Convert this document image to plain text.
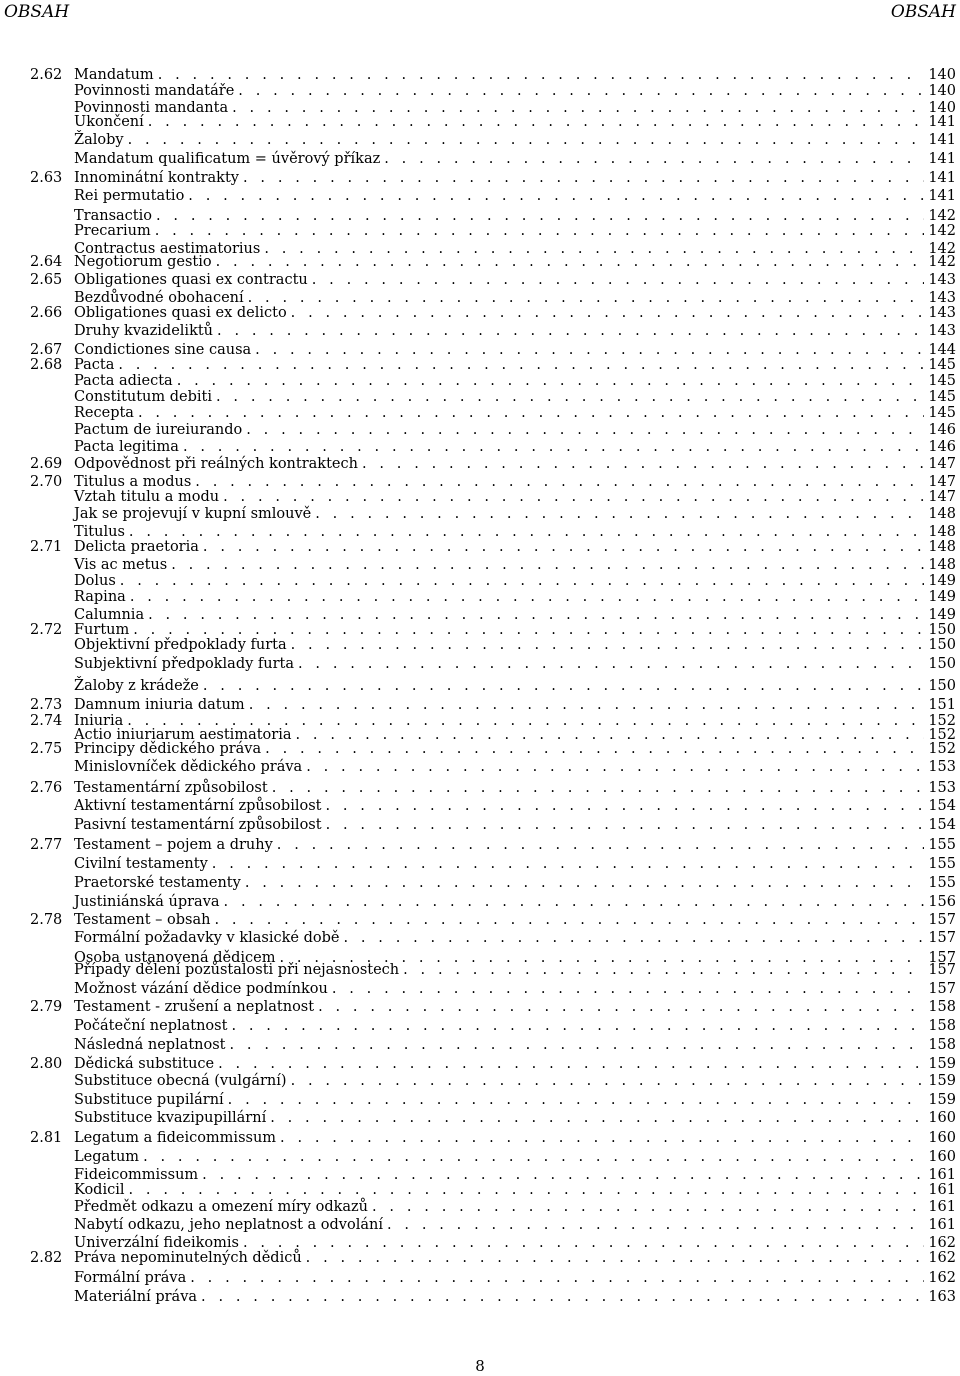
OBSAH	OBSAH
2.62 Mandatum . . .	140
Povinnosti mandatáře . . .	140
Povinnosti mandanta . . .	140
Ukončení . . .	141
Žaloby . . .	141
Mandatum qualificatum = úvěrový příkaz . . .	141
2.63 Innominátní kontrakty . . .	141
Rei permutatio . . .	141
Transactio . . .	142
Precarium . . .	142
Contractus aestimatorius . . .	142
2.64 Negotiorum gestio . . .	142
2.65 Obligationes quasi ex contractu . . .	143
Bezdůvodné obohacení . . .	143
2.66 Obligationes quasi ex delicto . . .	143
Druhy kvazideliktů . . .	143
2.67 Condictiones sine causa . . .	144
2.68 Pacta . . .	145
Pacta adiecta . . .	145
Constitutum debiti . . .	145
Recepta . . .	145
Pactum de iureiurando . . .	146
Pacta legitima . . .	146
2.69 Odpovědnost při reálných kontraktech . . .	147
2.70 Titulus a modus . . .	147
Vztah titulu a modu . . .	147
Jak se projevují v kupní smlouvě . . .	148
Titulus . . .	148
2.71 Delicta praetoria . . .	148
Vis ac metus . . .	148
Dolus . . .	149
Rapina . . .	149
Calumnia . . .	149
2.72 Furtum . . .	150
Objektivní předpoklady furta . . .	150
Subjektivní předpoklady furta . . .	150
Žaloby z krádeže . . .	150
2.73 Damnum iniuria datum . . .	151
2.74 Iniuria . . .	152
Actio iniuriarum aestimatoria . . .	152
2.75 Principy dědického práva . . .	152
Minislovníček dědického práva . . .	153
2.76 Testamentární způsobilost . . .	153
Aktivní testamentární způsobilost . . .	154
Pasivní testamentární způsobilost . . .	154
2.77 Testament – pojem a druhy . . .	155
Civilní testamenty . . .	155
Praetorské testamenty . . .	155
Justiniánská úprava . . .	156
2.78 Testament – obsah . . .	157
Formální požadavky v klasické době . . .	157
Osoba ustanovená dědicem . . .	157
Případy dělení pozůstalosti při nejasnostech . . .	157
Možnost vázání dědice podmínkou . . .	157
2.79 Testament - zrušení a neplatnost . . .	158
Počáteční neplatnost . . .	158
Následná neplatnost . . .	158
2.80 Dědická substituce . . .	159
Substituce obecná (vulgární) . . .	159
Substituce pupilární . . .	159
Substituce kvazipupillární . . .	160
2.81 Legatum a fideicommissum . . .	160
Legatum . . .	160
Fideicommissum . . .	161
Kodicil . . .	161
Předmět odkazu a omezení míry odkazů . . .	161
Nabytí odkazu, jeho neplatnost a odvolání . . .	161
Univerzální fideikomis . . .	162
2.82 Práva nepominutelných dědiců . . .	162
Formální práva . . .	162
Materiální práva . . .	163
8
